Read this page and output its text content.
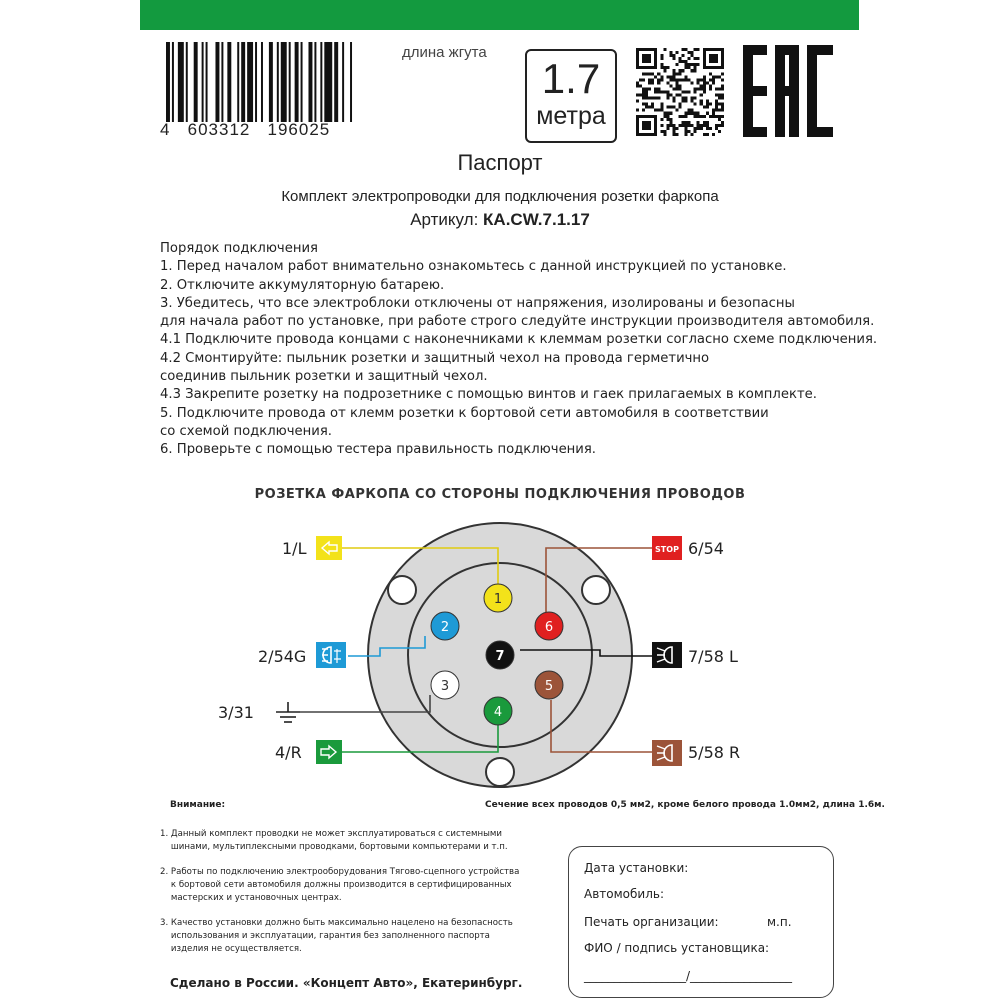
4   603312   196025
длина жгута
1.7
метра
Паспорт
Комплект электропроводки для подключения розетки фаркопа
Артикул: КА.CW.7.1.17
Порядок подключения
1. Перед началом работ внимательно ознакомьтесь с данной инструкцией по установке.
2. Отключите аккумуляторную батарею.
3. Убедитесь, что все электроблоки отключены от напряжения, изолированы и безопасны
для начала работ по установке, при работе строго следуйте инструкции производителя автомобиля.
4.1 Подключите провода концами с наконечниками к клеммам розетки согласно схеме подключения.
4.2 Смонтируйте: пыльник розетки и защитный чехол на провода герметично
соединив пыльник розетки и защитный чехол.
4.3 Закрепите розетку на подрозетнике с помощью винтов и гаек прилагаемых в комплекте.
5. Подключите провода от клемм розетки к бортовой сети автомобиля в соответствии
со схемой подключения.
6. Проверьте с помощью тестера правильность подключения.
РОЗЕТКА ФАРКОПА СО СТОРОНЫ ПОДКЛЮЧЕНИЯ ПРОВОДОВ
1
2
3
4
5
6
7
STOP
1/L
2/54G
3/31
4/R
6/54
7/58 L
5/58 R
Внимание:	Сечение всех проводов 0,5 мм2, кроме белого провода 1.0мм2, длина 1.6м.
1. Данный комплект проводки не может эксплуатироваться с системными
шинами, мультиплексными проводками, бортовыми компьютерами и т.п.
2. Работы по подключению электрооборудования Тягово-сцепного устройства
к бортовой сети автомобиля должны производится в сертифицированных
мастерских и установочных центрах.
3. Качество установки должно быть максимально нацелено на безопасность
использования и эксплуатации, гарантия без заполненного паспорта
изделия не осуществляется.
Дата установки:
Автомобиль:
Печать организации:	м.п.
ФИО / подпись установщика:
_________________/_________________
Сделано в России. «Концепт Авто», Екатеринбург.
